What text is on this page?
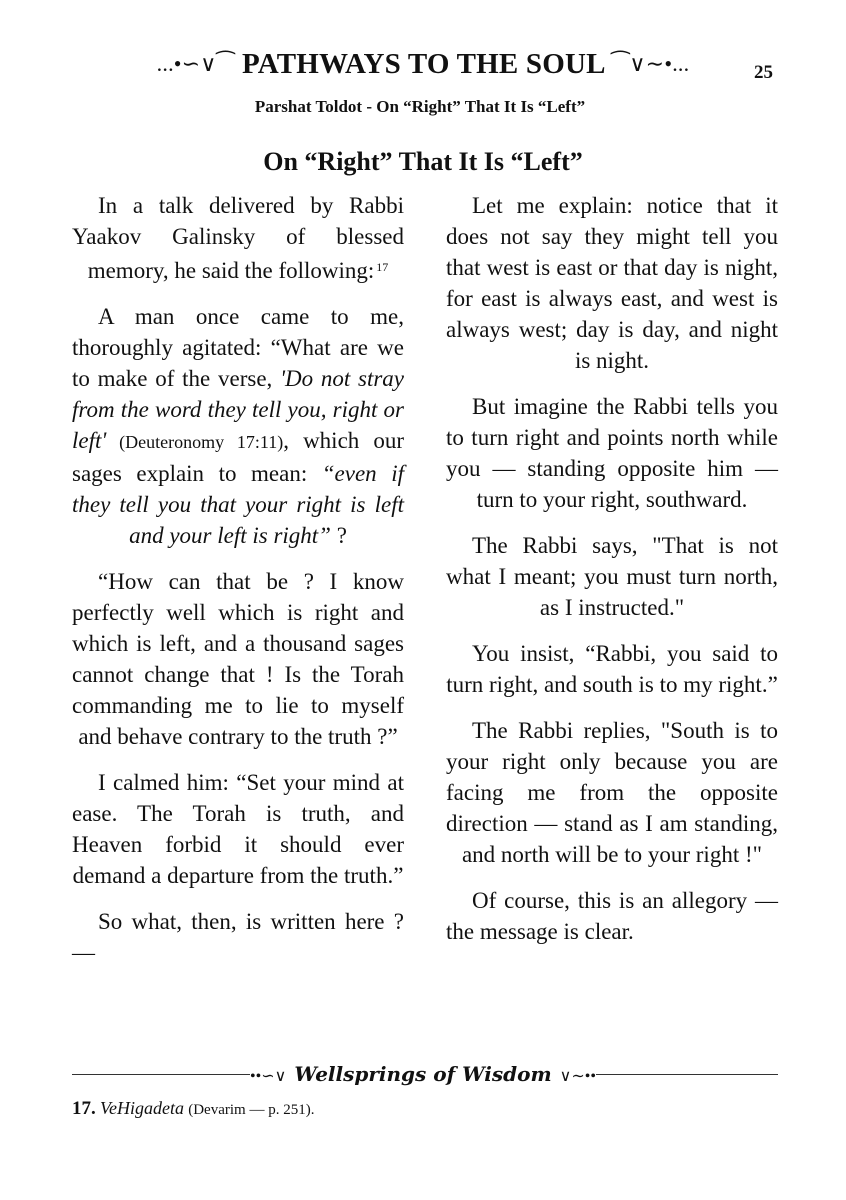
...•∽∨⁀ PATHWAYS TO THE SOUL ⁀∨∼•...	25
Parshat Toldot - On “Right” That It Is “Left”
On “Right” That It Is “Left”

In a talk delivered by Rabbi Yaakov Galinsky of blessed memory, he said the following: $^{17}$

A man once came to me, thoroughly agitated: “What are we to make of the verse, 'Do not stray from the word they tell you, right or left' (Deuteronomy 17:11), which our sages explain to mean: “even if they tell you that your right is left and your left is right” ?

“How can that be ? I know perfectly well which is right and which is left, and a thousand sages cannot change that ! Is the Torah commanding me to lie to myself and behave contrary to the truth ?”

I calmed him: “Set your mind at ease. The Torah is truth, and Heaven forbid it should ever demand a departure from the truth.”

So what, then, is written here ? —

Let me explain: notice that it does not say they might tell you that west is east or that day is night, for east is always east, and west is always west; day is day, and night is night.

But imagine the Rabbi tells you to turn right and points north while you — standing opposite him — turn to your right, southward.

The Rabbi says, "That is not what I meant; you must turn north, as I instructed."

You insist, “Rabbi, you said to turn right, and south is to my right.”

The Rabbi replies, "South is to your right only because you are facing me from the opposite direction — stand as I am standing, and north will be to your right !"

Of course, this is an allegory — the message is clear.

••∽∨ Wellsprings of Wisdom ∨∼••
17. VeHigadeta (Devarim — p. 251).
